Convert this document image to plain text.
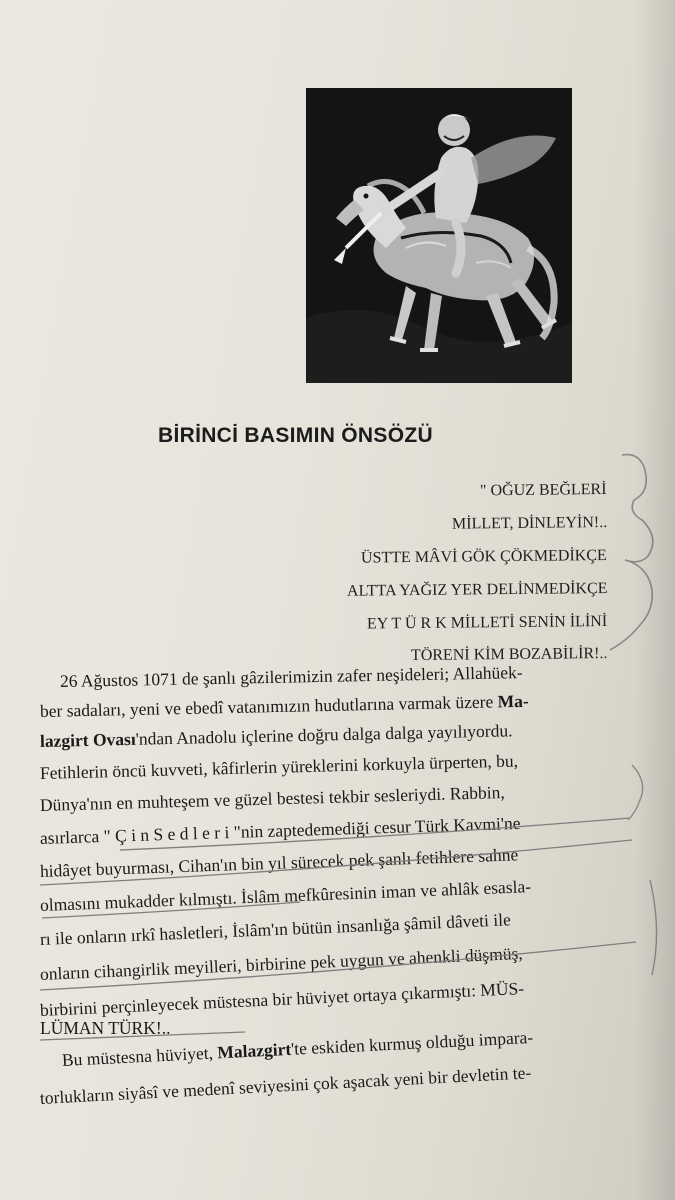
BİRİNCİ BASIMIN ÖNSÖZÜ
" OĞUZ BEĞLERİ
MİLLET, DİNLEYİN!..
ÜSTTE MÂVİ GÖK ÇÖKMEDİKÇE
ALTTA YAĞIZ YER DELİNMEDİKÇE
EY T Ü R K MİLLETİ SENİN İLİNİ
TÖRENİ KİM BOZABİLİR!..
26 Ağustos 1071 de şanlı gâzilerimizin zafer neşideleri; Allahüek-
ber sadaları, yeni ve ebedî vatanımızın hudutlarına varmak üzere Ma-
lazgirt Ovası'ndan Anadolu içlerine doğru dalga dalga yayılıyordu.
Fetihlerin öncü kuvveti, kâfirlerin yüreklerini korkuyla ürperten, bu,
Dünya'nın en muhteşem ve güzel bestesi tekbir sesleriydi. Rabbin,
asırlarca " Ç i n S e d l e r i "nin zaptedemediği cesur Türk Kavmi'ne
hidâyet buyurması, Cihan'ın bin yıl sürecek pek şanlı fetihlere sahne
olmasını mukadder kılmıştı. İslâm mefkûresinin iman ve ahlâk esasla-
rı ile onların ırkî hasletleri, İslâm'ın bütün insanlığa şâmil dâveti ile
onların cihangirlik meyilleri, birbirine pek uygun ve ahenkli düşmüş,
birbirini perçinleyecek müstesna bir hüviyet ortaya çıkarmıştı: MÜS-
LÜMAN TÜRK!..
Bu müstesna hüviyet, Malazgirt'te eskiden kurmuş olduğu impara-
torlukların siyâsî ve medenî seviyesini çok aşacak yeni bir devletin te-
